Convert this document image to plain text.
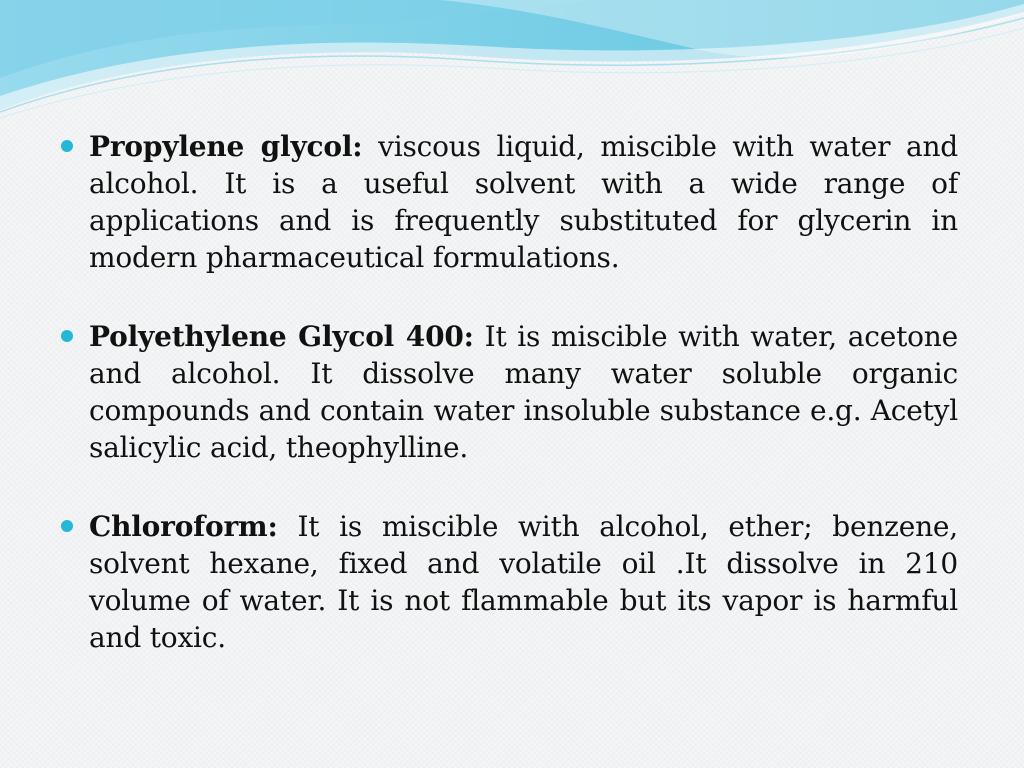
Propylene glycol: viscous liquid, miscible with water and alcohol. It is a useful solvent with a wide range of applications and is frequently substituted for glycerin in modern pharmaceutical formulations.

Polyethylene Glycol 400: It is miscible with water, acetone and alcohol. It dissolve many water soluble organic compounds and contain water insoluble substance e.g. Acetyl salicylic acid, theophylline.

Chloroform: It is miscible with alcohol, ether; benzene, solvent hexane, fixed and volatile oil .It dissolve in 210 volume of water. It is not flammable but its vapor is harmful and toxic.
